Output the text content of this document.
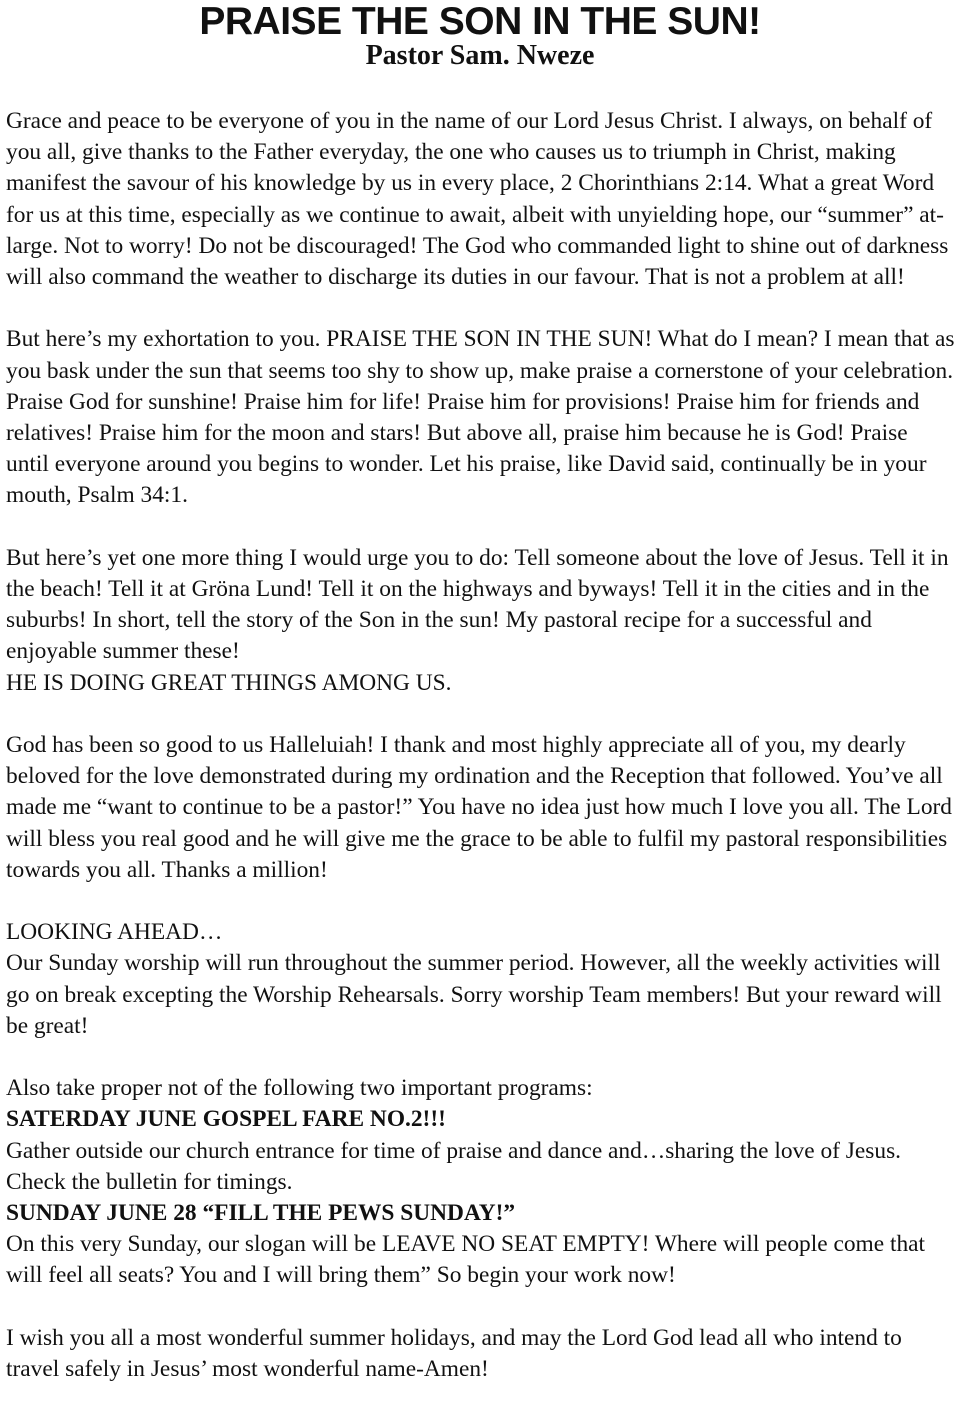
PRAISE THE SON IN THE SUN!
Pastor Sam. Nweze

Grace and peace to be everyone of you in the name of our Lord Jesus Christ. I always, on behalf of you all, give thanks to the Father everyday, the one who causes us to triumph in Christ, making manifest the savour of his knowledge by us in every place, 2 Chorinthians 2:14. What a great Word for us at this time, especially as we continue to await, albeit with unyielding hope, our “summer” at-large. Not to worry! Do not be discouraged! The God who commanded light to shine out of darkness will also command the weather to discharge its duties in our favour. That is not a problem at all!

But here’s my exhortation to you. PRAISE THE SON IN THE SUN! What do I mean? I mean that as you bask under the sun that seems too shy to show up, make praise a cornerstone of your celebration. Praise God for sunshine! Praise him for life! Praise him for provisions! Praise him for friends and relatives! Praise him for the moon and stars! But above all, praise him because he is God! Praise until everyone around you begins to wonder. Let his praise, like David said, continually be in your mouth, Psalm 34:1.

But here’s yet one more thing I would urge you to do: Tell someone about the love of Jesus. Tell it in the beach! Tell it at Gröna Lund! Tell it on the highways and byways! Tell it in the cities and in the suburbs! In short, tell the story of the Son in the sun! My pastoral recipe for a successful and enjoyable summer these!

HE IS DOING GREAT THINGS AMONG US.

God has been so good to us Halleluiah! I thank and most highly appreciate all of you, my dearly beloved for the love demonstrated during my ordination and the Reception that followed. You’ve all made me “want to continue to be a pastor!” You have no idea just how much I love you all. The Lord will bless you real good and he will give me the grace to be able to fulfil my pastoral responsibilities towards you all. Thanks a million!

LOOKING AHEAD…

Our Sunday worship will run throughout the summer period. However, all the weekly activities will go on break excepting the Worship Rehearsals. Sorry worship Team members! But your reward will be great!

Also take proper not of the following two important programs:

SATERDAY JUNE GOSPEL FARE NO.2!!!

Gather outside our church entrance for time of praise and dance and…sharing the love of Jesus. Check the bulletin for timings.

SUNDAY JUNE 28 “FILL THE PEWS SUNDAY!”

On this very Sunday, our slogan will be LEAVE NO SEAT EMPTY! Where will people come that will feel all seats? You and I will bring them” So begin your work now!

I wish you all a most wonderful summer holidays, and may the Lord God lead all who intend to travel safely in Jesus’ most wonderful name-Amen!
